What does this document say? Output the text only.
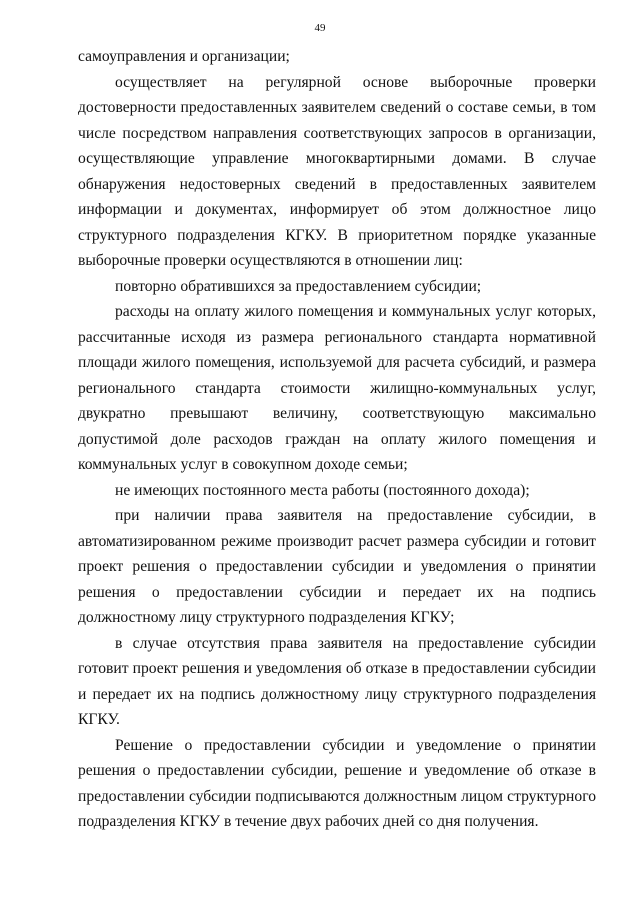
49

самоуправления и организации;

осуществляет на регулярной основе выборочные проверки достоверности предоставленных заявителем сведений о составе семьи, в том числе посредством направления соответствующих запросов в организации, осуществляющие управление многоквартирными домами. В случае обнаружения недостоверных сведений в предоставленных заявителем информации и документах, информирует об этом должностное лицо структурного подразделения КГКУ. В приоритетном порядке указанные выборочные проверки осуществляются в отношении лиц:

повторно обратившихся за предоставлением субсидии;

расходы на оплату жилого помещения и коммунальных услуг которых, рассчитанные исходя из размера регионального стандарта нормативной площади жилого помещения, используемой для расчета субсидий, и размера регионального стандарта стоимости жилищно-коммунальных услуг, двукратно превышают величину, соответствующую максимально допустимой доле расходов граждан на оплату жилого помещения и коммунальных услуг в совокупном доходе семьи;

не имеющих постоянного места работы (постоянного дохода);

при наличии права заявителя на предоставление субсидии, в автоматизированном режиме производит расчет размера субсидии и готовит проект решения о предоставлении субсидии и уведомления о принятии решения о предоставлении субсидии и передает их на подпись должностному лицу структурного подразделения КГКУ;

в случае отсутствия права заявителя на предоставление субсидии готовит проект решения и уведомления об отказе в предоставлении субсидии и передает их на подпись должностному лицу структурного подразделения КГКУ.

Решение о предоставлении субсидии и уведомление о принятии решения о предоставлении субсидии, решение и уведомление об отказе в предоставлении субсидии подписываются должностным лицом структурного подразделения КГКУ в течение двух рабочих дней со дня получения.
